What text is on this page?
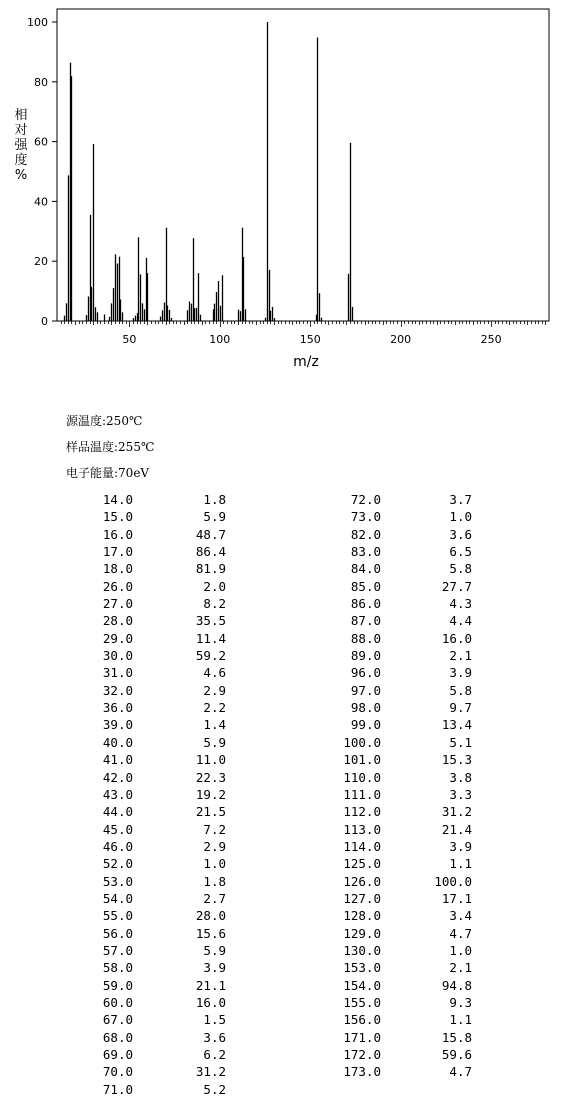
0
20
40
60
80
100
50	100	150	200	250
m/z
相
对
强
度
%
源温度:250℃
样品温度:255℃
电子能量:70eV
14.0	1.8
15.0	5.9
16.0	48.7
17.0	86.4
18.0	81.9
26.0	2.0
27.0	8.2
28.0	35.5
29.0	11.4
30.0	59.2
31.0	4.6
32.0	2.9
36.0	2.2
39.0	1.4
40.0	5.9
41.0	11.0
42.0	22.3
43.0	19.2
44.0	21.5
45.0	7.2
46.0	2.9
52.0	1.0
53.0	1.8
54.0	2.7
55.0	28.0
56.0	15.6
57.0	5.9
58.0	3.9
59.0	21.1
60.0	16.0
67.0	1.5
68.0	3.6
69.0	6.2
70.0	31.2
71.0	5.2
72.0	3.7
73.0	1.0
82.0	3.6
83.0	6.5
84.0	5.8
85.0	27.7
86.0	4.3
87.0	4.4
88.0	16.0
89.0	2.1
96.0	3.9
97.0	5.8
98.0	9.7
99.0	13.4
100.0	5.1
101.0	15.3
110.0	3.8
111.0	3.3
112.0	31.2
113.0	21.4
114.0	3.9
125.0	1.1
126.0	100.0
127.0	17.1
128.0	3.4
129.0	4.7
130.0	1.0
153.0	2.1
154.0	94.8
155.0	9.3
156.0	1.1
171.0	15.8
172.0	59.6
173.0	4.7
